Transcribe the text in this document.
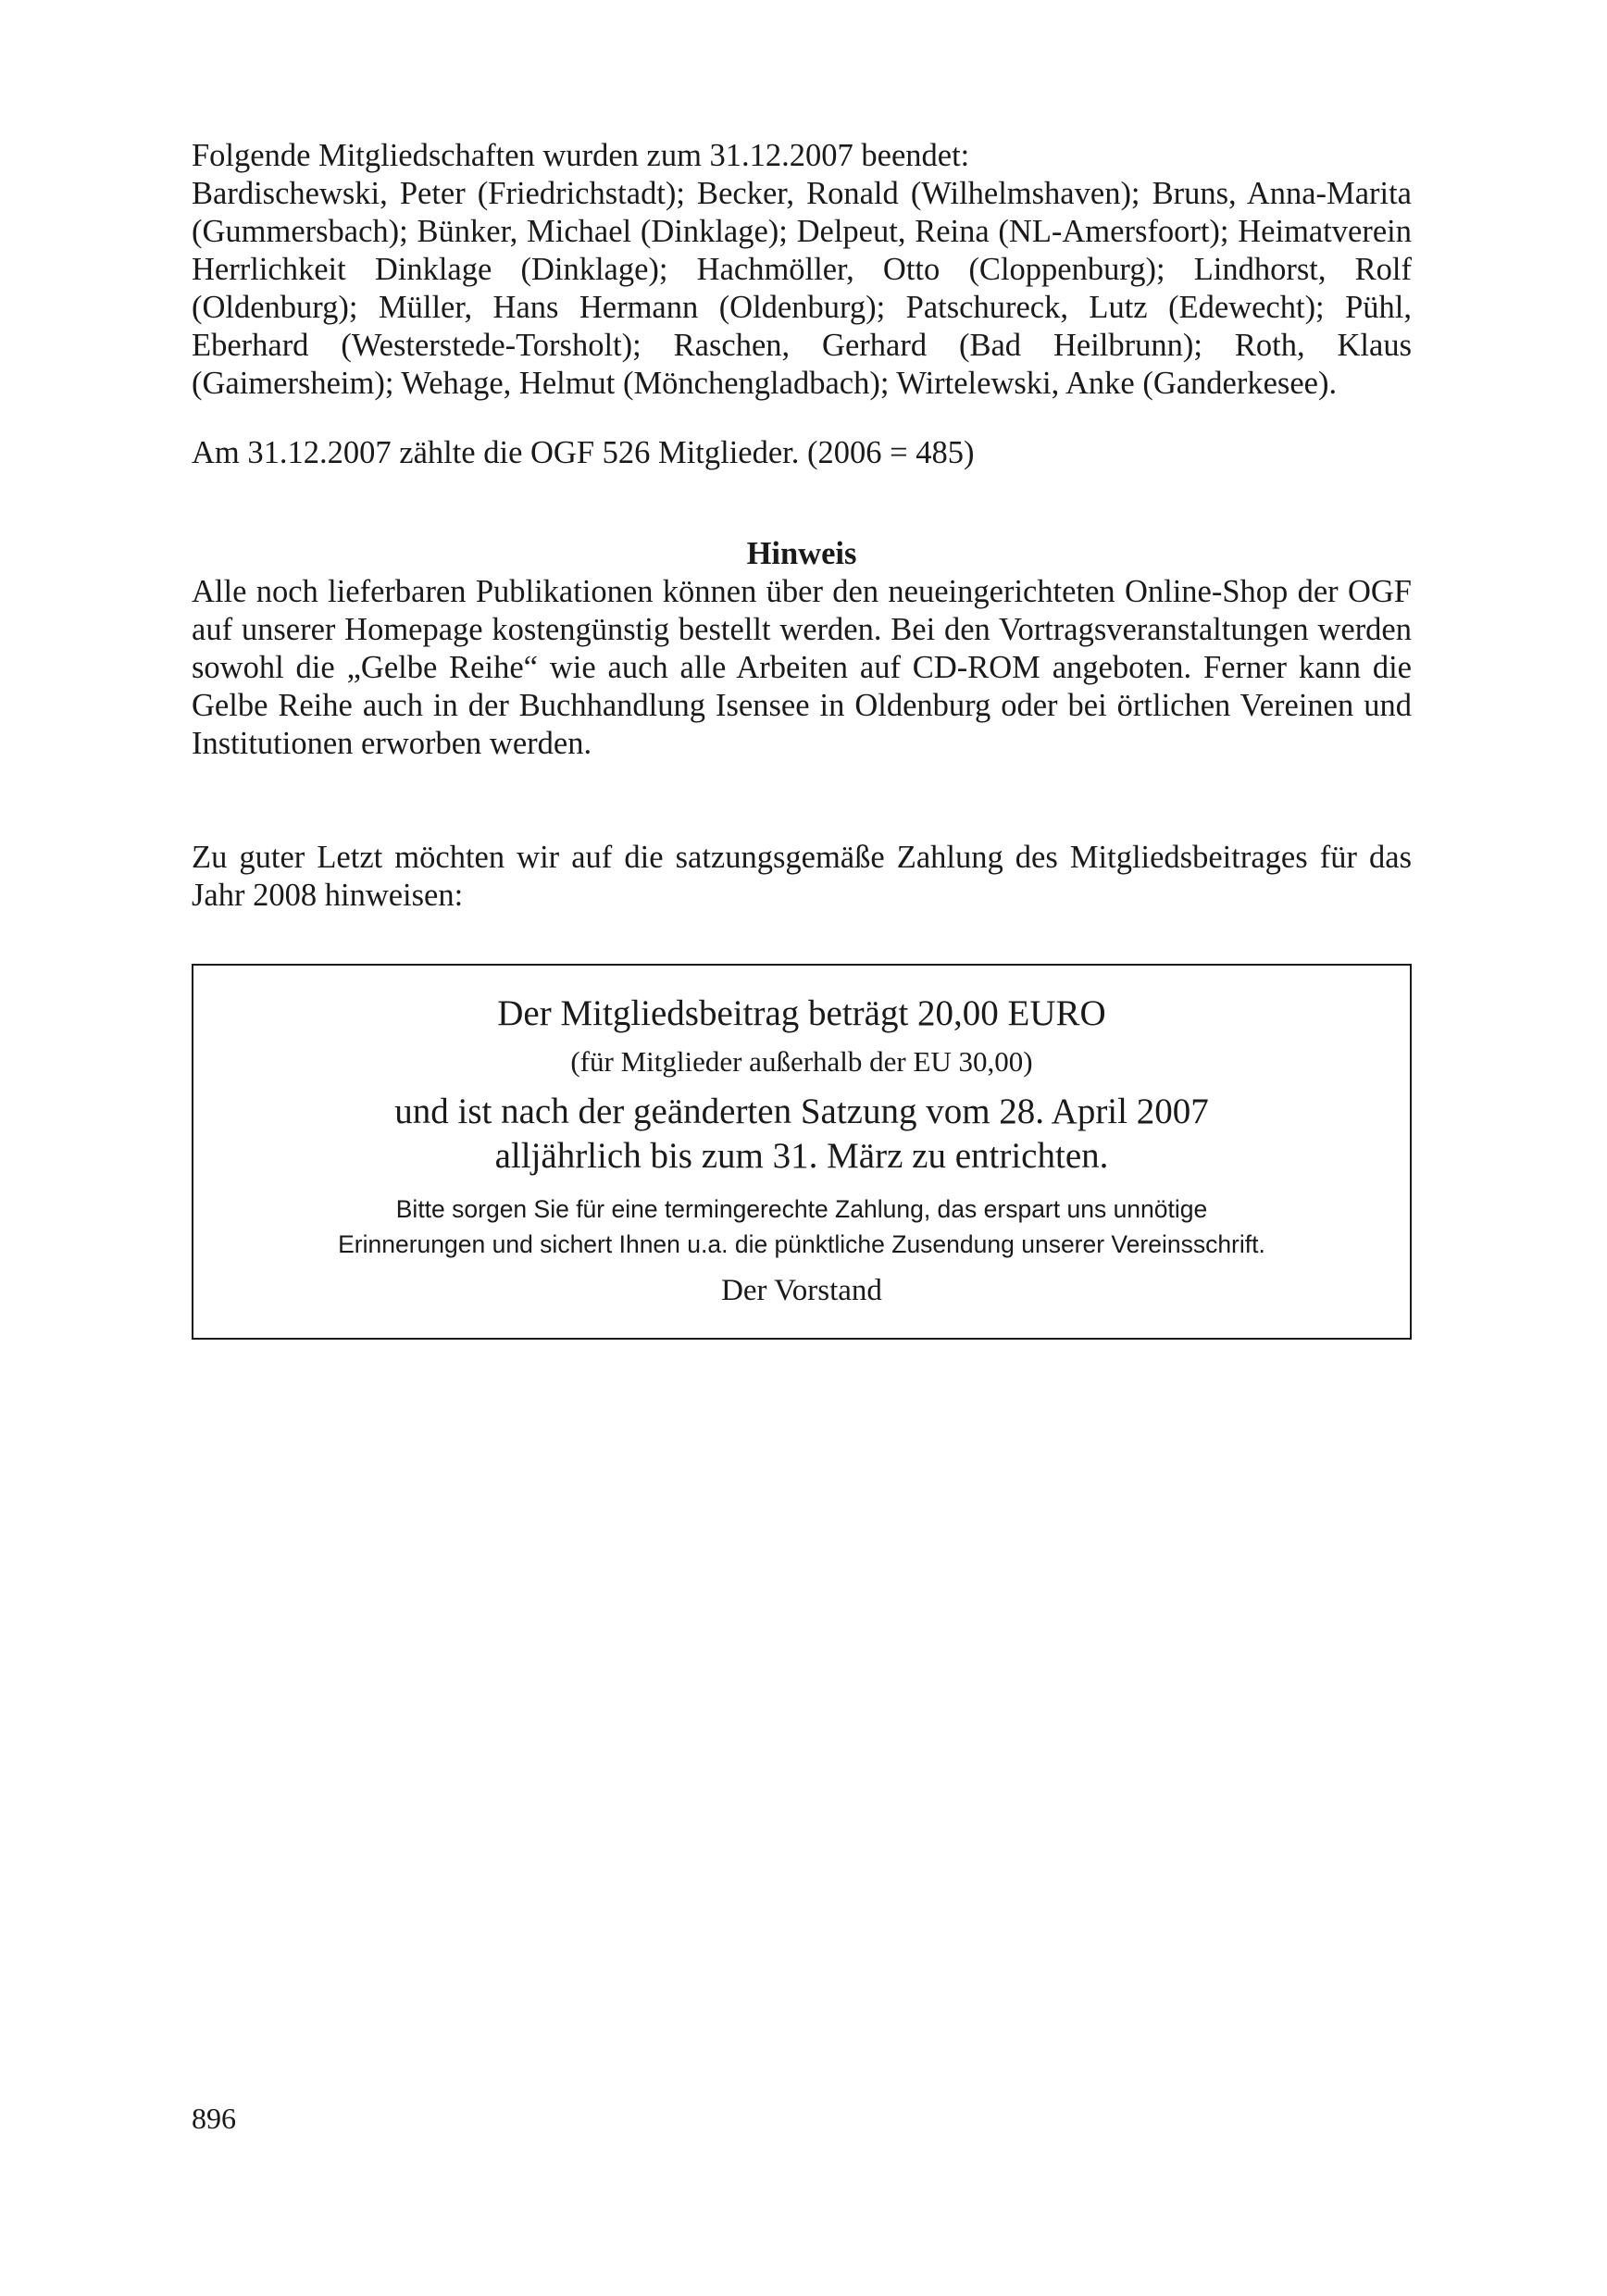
Folgende Mitgliedschaften wurden zum 31.12.2007 beendet:
Bardischewski, Peter (Friedrichstadt); Becker, Ronald (Wilhelmshaven); Bruns, Anna-Marita (Gummersbach); Bünker, Michael (Dinklage); Delpeut, Reina (NL-Amersfoort); Heimatverein Herrlichkeit Dinklage (Dinklage); Hachmöller, Otto (Cloppenburg); Lindhorst, Rolf (Oldenburg); Müller, Hans Hermann (Oldenburg); Patschureck, Lutz (Edewecht); Pühl, Eberhard (Westerstede-Torsholt); Raschen, Gerhard (Bad Heilbrunn); Roth, Klaus (Gaimersheim); Wehage, Helmut (Mönchengladbach); Wirtelewski, Anke (Ganderkesee).

Am 31.12.2007 zählte die OGF 526 Mitglieder. (2006 = 485)

Hinweis

Alle noch lieferbaren Publikationen können über den neueingerichteten Online-Shop der OGF auf unserer Homepage kostengünstig bestellt werden. Bei den Vortragsveranstaltungen werden sowohl die „Gelbe Reihe“ wie auch alle Arbeiten auf CD-ROM angeboten. Ferner kann die Gelbe Reihe auch in der Buchhandlung Isensee in Oldenburg oder bei örtlichen Vereinen und Institutionen erworben werden.

Zu guter Letzt möchten wir auf die satzungsgemäße Zahlung des Mitgliedsbeitrages für das Jahr 2008 hinweisen:

Der Mitgliedsbeitrag beträgt 20,00 EURO

(für Mitglieder außerhalb der EU 30,00)

und ist nach der geänderten Satzung vom 28. April 2007

alljährlich bis zum 31. März zu entrichten.

Bitte sorgen Sie für eine termingerechte Zahlung, das erspart uns unnötige
Erinnerungen und sichert Ihnen u.a. die pünktliche Zusendung unserer Vereinsschrift.

Der Vorstand

896
